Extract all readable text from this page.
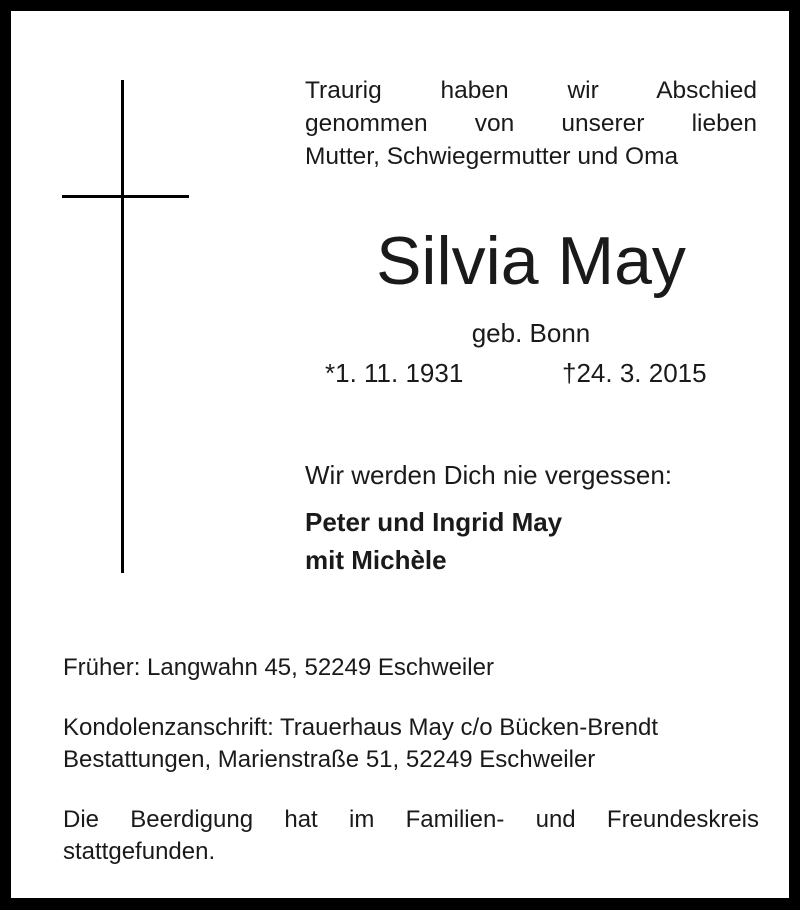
Traurig haben wir Abschied
genommen von unserer lieben
Mutter, Schwiegermutter und Oma
Silvia May
geb. Bonn
*1. 11. 1931	†24. 3. 2015
Wir werden Dich nie vergessen:
Peter und Ingrid May
mit Michèle
Früher: Langwahn 45, 52249 Eschweiler
Kondolenzanschrift: Trauerhaus May c/o Bücken-Brendt
Bestattungen, Marienstraße 51, 52249 Eschweiler
Die Beerdigung hat im Familien- und Freundeskreis
stattgefunden.
